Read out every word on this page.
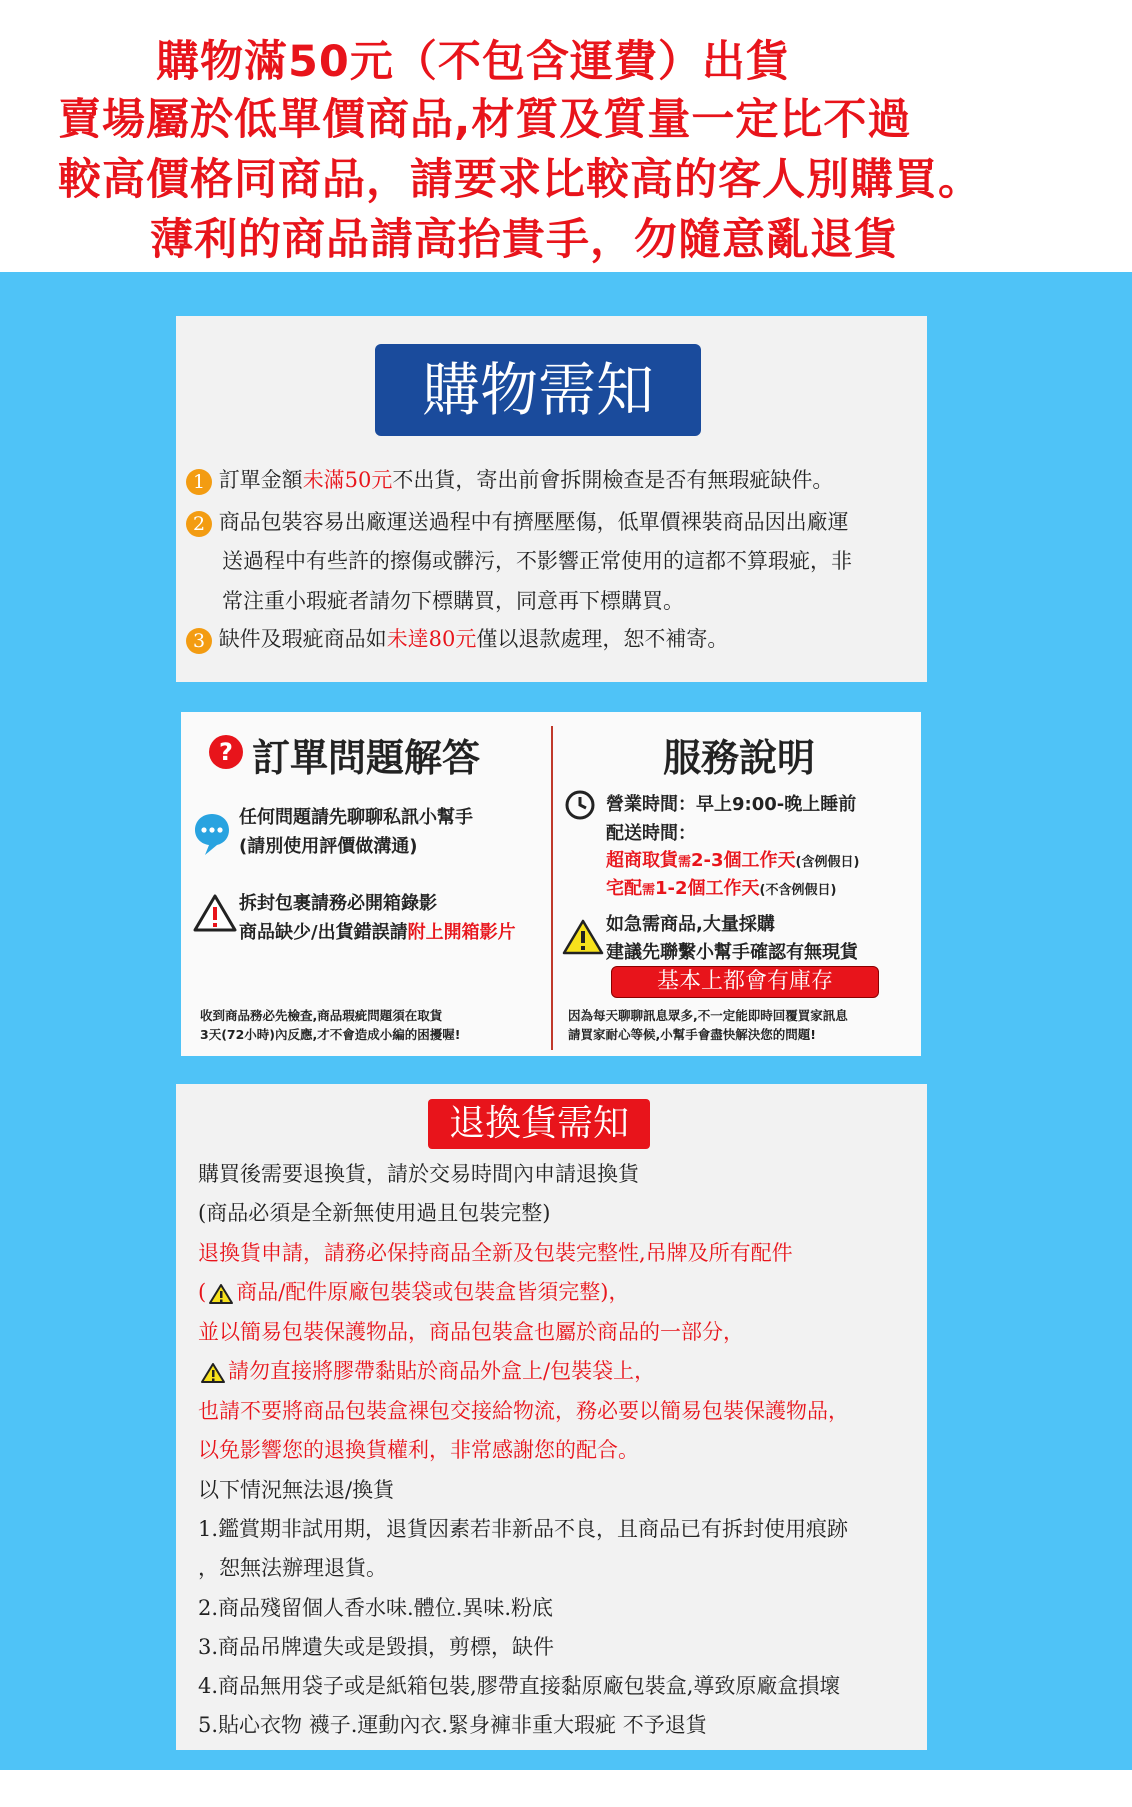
購物滿50元（不包含運費）出貨
賣場屬於低單價商品,材質及質量一定比不過
較高價格同商品，請要求比較高的客人別購買。
薄利的商品請高抬貴手，勿隨意亂退貨
購物需知
1 訂單金額未滿50元不出貨，寄出前會拆開檢查是否有無瑕疵缺件。
2 商品包裝容易出廠運送過程中有擠壓壓傷，低單價裸裝商品因出廠運
送過程中有些許的擦傷或髒污，不影響正常使用的這都不算瑕疵，非
常注重小瑕疵者請勿下標購買，同意再下標購買。
3 缺件及瑕疵商品如未達80元僅以退款處理，恕不補寄。
? 訂單問題解答	服務說明
任何問題請先聊聊私訊小幫手
(請別使用評價做溝通)
拆封包裹請務必開箱錄影
商品缺少/出貨錯誤請附上開箱影片
收到商品務必先檢查,商品瑕疵問題須在取貨
3天(72小時)內反應,才不會造成小編的困擾喔!
營業時間：早上9:00-晚上睡前
配送時間：
超商取貨需2-3個工作天(含例假日)
宅配需1-2個工作天(不含例假日)
如急需商品,大量採購
建議先聯繫小幫手確認有無現貨
基本上都會有庫存
因為每天聊聊訊息眾多,不一定能即時回覆買家訊息
請買家耐心等候,小幫手會盡快解決您的問題!
退換貨需知
購買後需要退換貨，請於交易時間內申請退換貨
(商品必須是全新無使用過且包裝完整)
退換貨申請，請務必保持商品全新及包裝完整性,吊牌及所有配件
( 商品/配件原廠包裝袋或包裝盒皆須完整)，
並以簡易包裝保護物品，商品包裝盒也屬於商品的一部分，
請勿直接將膠帶黏貼於商品外盒上/包裝袋上，
也請不要將商品包裝盒裸包交接給物流，務必要以簡易包裝保護物品，
以免影響您的退換貨權利，非常感謝您的配合。
以下情況無法退/換貨
1.鑑賞期非試用期，退貨因素若非新品不良，且商品已有拆封使用痕跡
，恕無法辦理退貨。
2.商品殘留個人香水味.體位.異味.粉底
3.商品吊牌遺失或是毀損，剪標，缺件
4.商品無用袋子或是紙箱包裝,膠帶直接黏原廠包裝盒,導致原廠盒損壞
5.貼心衣物 襪子.運動內衣.緊身褲非重大瑕疵 不予退貨
